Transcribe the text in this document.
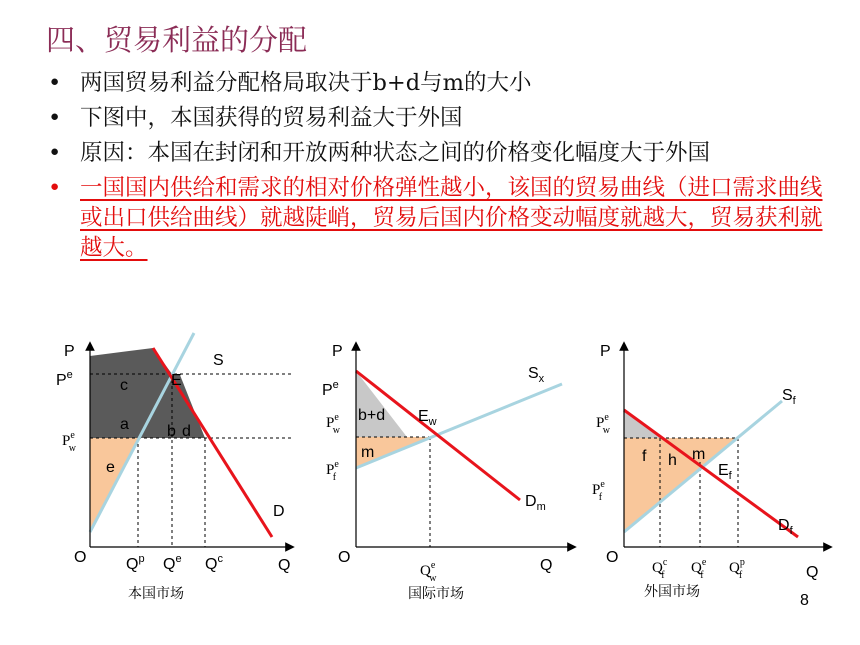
四、贸易利益的分配
• 两国贸易利益分配格局取决于b+d与m的大小
• 下图中，本国获得的贸易利益大于外国
• 原因：本国在封闭和开放两种状态之间的价格变化幅度大于外国
• 一国国内供给和需求的相对价格弹性越小，该国的贸易曲线（进口需求曲线或出口供给曲线）就越陡峭，贸易后国内价格变动幅度就越大，贸易获利就越大。
P
$P^e$
$P^e$ w
S
D
E
c
a b d
e
O $Q^p$ $Q^e$ $Q^c$	Q
本国市场
P
$P^e$
$P^e$ w
$P^e$ f
b+d
m
$E_w$
$S_x$
$D_m$
O
$Q^e$ w
Q
国际市场
P
$P^e$ w
$P^e$ f
$S_f$
$D_f$
$E_f$
f h m
O
$Q^c$ f $Q^e$ f $Q^p$ f	Q
外国市场	8
